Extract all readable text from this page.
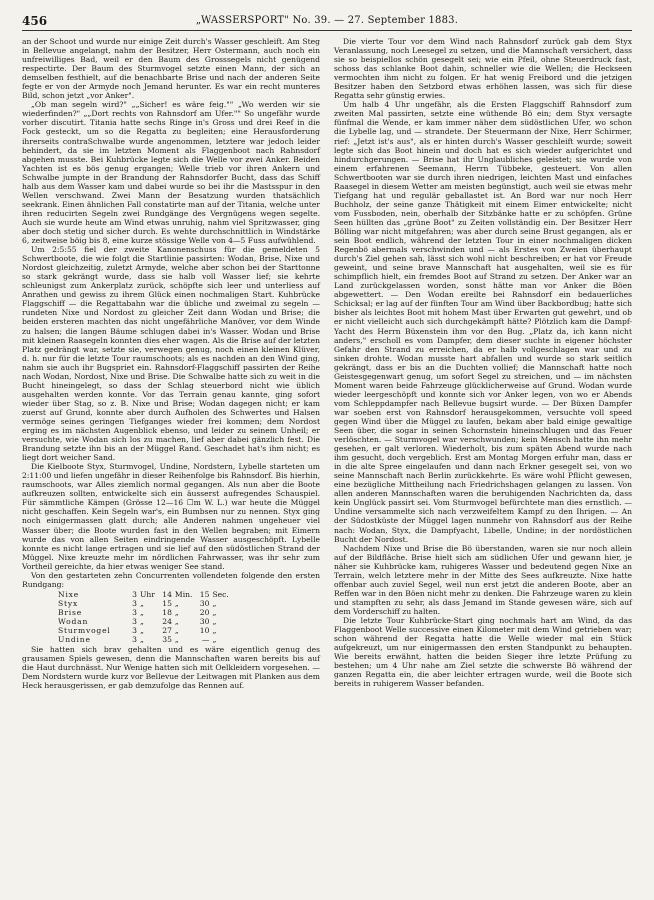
456	„WASSERSPORT" No. 39. — 27. September 1883.

an der Schoot und wurde nur einige Zeit durch's Wasser geschleift. Am Steg in Bellevue angelangt, nahm der Besitzer, Herr Ostermann, auch noch ein unfreiwilliges Bad, weil er den Baum des Grosssegels nicht genügend respectirte. Der Baum des Sturmvogel setzte einen Mann, der sich an demselben festhielt, auf die benachbarte Brise und nach der anderen Seite fegte er von der Armyde noch Jemand herunter. Es war ein recht munteres Bild, schon jetzt „vor Anker".

„Ob man segeln wird?" „„Sicher! es wäre feig."" „Wo werden wir sie wiederfinden?" „„Dort rechts von Rahnsdorf am Ufer."" So ungefähr wurde vorher discutirt. Titania hatte sechs Ringe in's Gross und drei Reef in die Fock gesteckt, um so die Regatta zu begleiten; eine Herausforderung ihrerseits contraSchwalbe wurde angenommen, letztere war jedoch leider behindert, da sie im letzten Moment als Flaggenboot nach Rahnsdorf abgehen musste. Bei Kuhbrücke legte sich die Welle vor zwei Anker. Beiden Yachten ist es bös genug ergangen; Welle trieb vor ihren Ankern und Schwalbe jumpte in der Brandung der Rahnsdorfer Bucht, dass das Schiff halb aus dem Wasser kam und dabei wurde so bei ihr die Mastsspur in den Wellen verschwand. Zwei Mann der Besatzung wurden thatsächlich seekrank. Einen ähnlichen Fall constatirte man auf der Titania, welche unter ihren reducirten Segeln zwei Rundgänge des Vergnügens wegen segelte. Auch sie wurde heute am Wind etwas unruhig, nahm viel Spritzwasser, ging aber doch stetig und sicher durch. Es wehte durchschnittlich in Windstärke 6, zeitweise böig bis 8, eine kurze stössige Welle von 4—5 Fuss aufwühlend.

Um 2:5:55 fiel der zweite Kanonenschuss für die gemeldeten 5 Schwertboote, die wie folgt die Startlinie passirten: Wodan, Brise, Nixe und Nordost gleichzeitig, zuletzt Armyde, welche aber schon bei der Starttonne so stark gekrängt wurde, dass sie halb voll Wasser lief; sie kehrte schleunigst zum Ankerplatz zurück, schöpfte sich leer und unterliess auf Anrathen und gewiss zu ihrem Glück einen nochmaligen Start. Kuhbrücke Flaggschiff — die Regattabahn war die übliche und zweimal zu segeln — rundeten Nixe und Nordost zu gleicher Zeit dann Wodan und Brise; die beiden ersteren machten das nicht ungefährliche Manöver, vor dem Winde zu halsen; die langen Bäume schlugen dabei in's Wasser. Wodan und Brise mit kleinen Raasegeln konnten dies eher wagen. Als die Brise auf der letzten Platz gedrängt war, setzte sie, verwegen genug, noch einen kleinen Klüver, d. h. nur für die letzte Tour raumschoots; als es nachden an den Wind ging, nahm sie auch ihr Bugspriet ein. Rahnsdorf-Flaggschiff passirten der Reihe nach Wodan, Nordost, Nixe und Brise. Die Schwalbe hatte sich zu weit in die Bucht hineingelegt, so dass der Schlag steuerbord nicht wie üblich ausgehalten werden konnte. Vor das Terrain genau kannte, ging sofort wieder über Stag, so z. B. Nixe und Brise; Wodan dagegen nicht; er kam zuerst auf Grund, konnte aber durch Aufholen des Schwertes und Halsen vermöge seines geringen Tiefganges wieder frei kommen; dem Nordost erging es im nächsten Augenblick ebenso, und leider zu seinem Unheil; er versuchte, wie Wodan sich los zu machen, lief aber dabei gänzlich fest. Die Brandung setzte ihn bis an der Müggel Rand. Geschadet hat's ihm nicht; es liegt dort weicher Sand.

Die Kielboote Styx, Sturmvogel, Undine, Nordstern, Lybelle starteten um 2:11:00 und liefen ungefähr in dieser Reihenfolge bis Rahnsdorf. Bis hierhin, raumschoots, war Alles ziemlich normal gegangen. Als nun aber die Boote aufkreuzen sollten, entwickelte sich ein äusserst aufregendes Schauspiel. Für sämmtliche Kämpen (Grösse 12—16 ☐m W. L.) war heute die Müggel nicht geschaffen. Kein Segeln war's, ein Bumbsen nur zu nennen. Styx ging noch einigermassen glatt durch; alle Anderen nahmen ungeheuer viel Wasser über; die Boote wurden fast in den Wellen begraben; mit Eimern wurde das von allen Seiten eindringende Wasser ausgeschöpft. Lybelle konnte es nicht lange ertragen und sie lief auf den südöstlichen Strand der Müggel. Nixe kreuzte mehr im nördlichen Fahrwasser, was ihr sehr zum Vortheil gereichte, da hier etwas weniger See stand.

Von den gestarteten zehn Concurrenten vollendeten folgende den ersten Rundgang:

Nixe	3	Uhr	14	Min.	15	Sec.
Styx	3	„	15	„	30	„
Brise	3	„	18	„	20	„
Wodan	3	„	24	„	30	„
Sturmvogel	3	„	27	„	10	„
Undine	3	„	35	„	—	„

Sie hatten sich brav gehalten und es wäre eigentlich genug des grausamen Spiels gewesen, denn die Mannschaften waren bereits bis auf die Haut durchnässt. Nur Wenige hatten sich mit Oelkleidern vorgesehen. — Dem Nordstern wurde kurz vor Bellevue der Leitwagen mit Planken aus dem Heck herausgerissen, er gab demzufolge das Rennen auf.

Die vierte Tour vor dem Wind nach Rahnsdorf zurück gab dem Styx Veranlassung, noch Leesegel zu setzen, und die Mannschaft versichert, dass sie so beispiellos schön gesegelt sei; wie ein Pfeil, ohne Steuerdruck fast, schoss das schlanke Boot dahin, schneller wie die Wellen; die Heckseen vermochten ihm nicht zu folgen. Er hat wenig Freibord und die jetzigen Besitzer haben den Setzbord etwas erhöhen lassen, was sich für diese Regatta sehr günstig erwies.

Um halb 4 Uhr ungefähr, als die Ersten Flaggschiff Rahnsdorf zum zweiten Mal passirten, setzte eine wüthende Bö ein; dem Styx versagte fünfmal die Wende, er kam immer näher dem südöstlichen Ufer, wo schon die Lybelle lag, und — strandete. Der Steuermann der Nixe, Herr Schirmer, rief: „Jetzt ist's aus", als er hinten durch's Wasser geschleift wurde; soweit legte sich das Boot hinein und doch hat es sich wieder aufgerichtet und hindurchgerungen. — Brise hat ihr Unglaubliches geleistet; sie wurde von einem erfahrenen Seemann, Herrn Tübbeke, gesteuert. Von allen Schwertbooten war sie durch ihren niedrigen, leichten Mast und einfaches Raasegel in diesem Wetter am meisten begünstigt, auch weil sie etwas mehr Tiefgang hat und regulär geballastet ist. An Bord war nur noch Herr Buchholz, der seine ganze Thätigkeit mit einem Eimer entwickelte; nicht vom Fussboden, nein, oberhalb der Sitzbänke hatte er zu schöpfen. Grüne Seen hüllten das „grüne Boot" zu Zeiten vollständig ein. Der Besitzer Herr Bölling war nicht mitgefahren; was aber durch seine Brust gegangen, als er sein Boot endlich, während der letzten Tour in einer nochmaligen dicken Regenbö abermals verschwinden und — als Erstes von Zweien überhaupt durch's Ziel gehen sah, lässt sich wohl nicht beschreiben; er hat vor Freude geweint, und seine brave Mannschaft hat ausgehalten, weil sie es für schimpflich hielt, ein fremdes Boot auf Strand zu setzen. Der Anker war an Land zurückgelassen worden, sonst hätte man vor Anker die Böen abgewettert. — Den Wodan ereilte bei Rahnsdorf ein bedauerliches Schicksal; er lag auf der fünften Tour am Wind über Backbordbug; hatte sich bisher als leichtes Boot mit hohem Mast über Erwarten gut gewehrt, und ob er nicht vielleicht auch sich durchgekämpft hätte? Plötzlich kam die Dampf-Yacht des Herrn Büxenstein ihm vor den Bug. „Platz da, ich kann nicht anders," erscholl es vom Dampfer, dem dieser suchte in eigener höchster Gefahr den Strand zu erreichen, da er halb vollgeschlagen war und zu sinken drohte. Wodan musste hart abfallen und wurde so stark seitlich gekrängt, dass er bis an die Duchten vollief; die Mannschaft hatte noch Geistesgegenwart genug, um sofort Segel zu streichen, und — im nächsten Moment waren beide Fahrzeuge glücklicherweise auf Grund. Wodan wurde wieder leergeschöpft und konnte sich vor Anker legen, von wo er Abends vom Schleppdampfer nach Bellevue bugsirt wurde. — Der Büxen Dampfer war soeben erst von Rahnsdorf herausgekommen, versuchte voll speed gegen Wind über die Müggel zu laufen, bekam aber bald einige gewaltige Seen über, die sogar in seinen Schornstein hineinschlugen und das Feuer verlöschten. — Sturmvogel war verschwunden; kein Mensch hatte ihn mehr gesehen, er galt verloren. Wiederholt, bis zum späten Abend wurde nach ihm gesucht, doch vergeblich. Erst am Montag Morgen erfuhr man, dass er in die alte Spree eingelaufen und dann nach Erkner gesegelt sei, von wo seine Mannschaft nach Berlin zurückkehrte. Es wäre wohl Pflicht gewesen, eine bezügliche Mittheilung nach Friedrichshagen gelangen zu lassen. Von allen anderen Mannschaften waren die beruhigenden Nachrichten da, dass kein Unglück passirt sei. Vom Sturmvogel befürchtete man dies ernstlich. — Undine versammelte sich nach verzweifeltem Kampf zu den Ihrigen. — An der Südostküste der Müggel lagen nunmehr von Rahnsdorf aus der Reihe nach: Wodan, Styx, die Dampfyacht, Libelle, Undine; in der nordöstlichen Bucht der Nordost.

Nachdem Nixe und Brise die Bö überstanden, waren sie nur noch allein auf der Bildfläche. Brise hielt sich am südlichen Ufer und gewann hier, je näher sie Kuhbrücke kam, ruhigeres Wasser und bedeutend gegen Nixe an Terrain, welch letztere mehr in der Mitte des Sees aufkreuzte. Nixe hatte offenbar auch zuviel Segel, weil nun erst jetzt die anderen Boote, aber an Reffen war in den Böen nicht mehr zu denken. Die Fahrzeuge waren zu klein und stampften zu sehr, als dass Jemand im Stande gewesen wäre, sich auf dem Vorderschiff zu halten.

Die letzte Tour Kuhbrücke-Start ging nochmals hart am Wind, da das Flaggenboot Welle successive einen Kilometer mit dem Wind getrieben war; schon während der Regatta hatte die Welle wieder mal ein Stück aufgekreuzt, um nur einigermassen den ersten Standpunkt zu behaupten. Wie bereits erwähnt, hatten die beiden Sieger ihre letzte Prüfung zu bestehen; um 4 Uhr nahe am Ziel setzte die schwerste Bö während der ganzen Regatta ein, die aber leichter ertragen wurde, weil die Boote sich bereits in ruhigerem Wasser befanden.
